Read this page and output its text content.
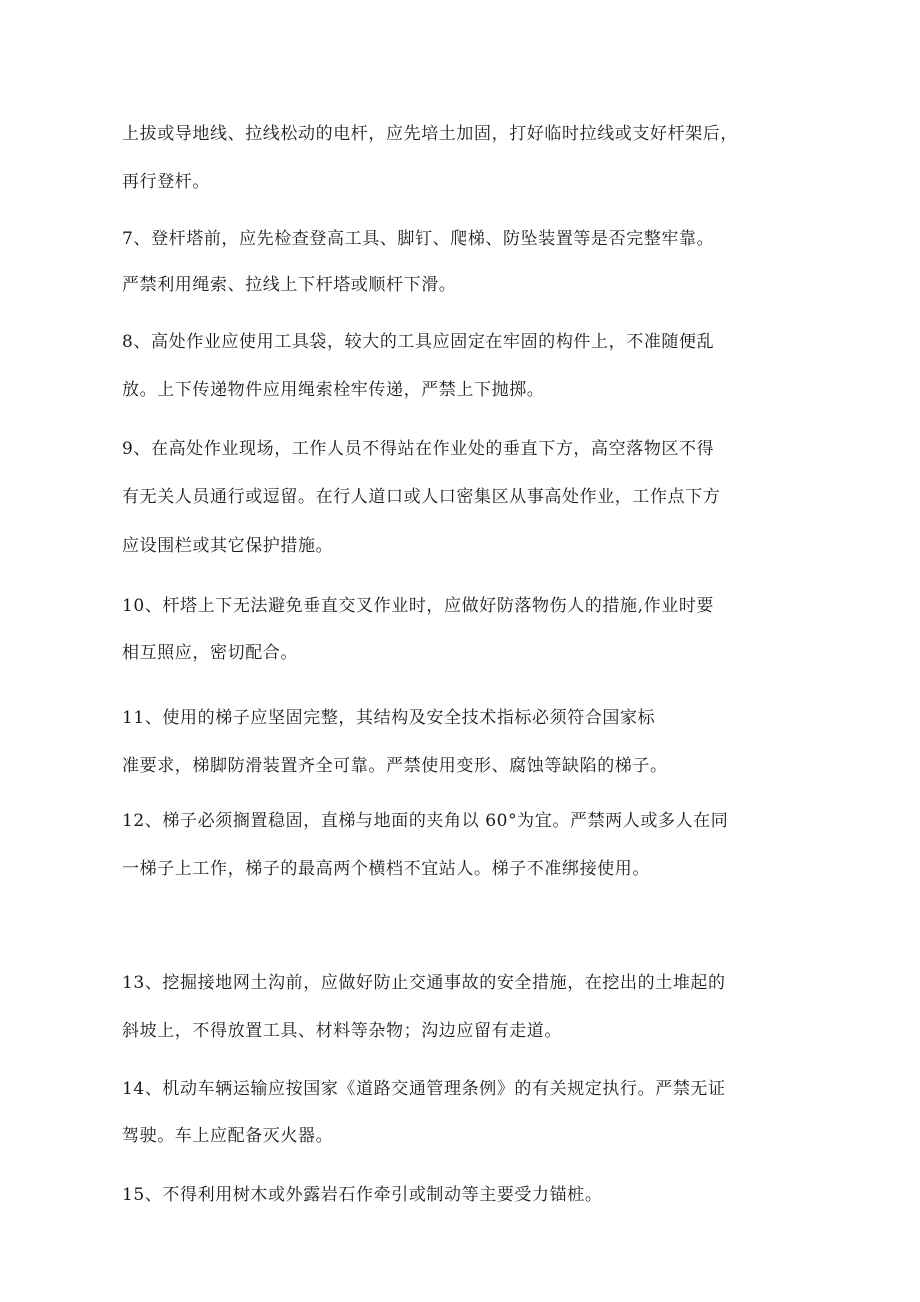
上拔或导地线、拉线松动的电杆，应先培土加固，打好临时拉线或支好杆架后，
再行登杆。
7、登杆塔前，应先检查登高工具、脚钉、爬梯、防坠装置等是否完整牢靠。
严禁利用绳索、拉线上下杆塔或顺杆下滑。
8、高处作业应使用工具袋，较大的工具应固定在牢固的构件上，不准随便乱
放。上下传递物件应用绳索栓牢传递，严禁上下抛掷。
9、在高处作业现场，工作人员不得站在作业处的垂直下方，高空落物区不得
有无关人员通行或逗留。在行人道口或人口密集区从事高处作业，工作点下方
应设围栏或其它保护措施。
10、杆塔上下无法避免垂直交叉作业时，应做好防落物伤人的措施,作业时要
相互照应，密切配合。
11、使用的梯子应坚固完整，其结构及安全技术指标必须符合国家标
准要求，梯脚防滑装置齐全可靠。严禁使用变形、腐蚀等缺陷的梯子。
12、梯子必须搁置稳固，直梯与地面的夹角以 60°为宜。严禁两人或多人在同
一梯子上工作，梯子的最高两个横档不宜站人。梯子不准绑接使用。
13、挖掘接地网土沟前，应做好防止交通事故的安全措施，在挖出的土堆起的
斜坡上，不得放置工具、材料等杂物；沟边应留有走道。
14、机动车辆运输应按国家《道路交通管理条例》的有关规定执行。严禁无证
驾驶。车上应配备灭火器。
15、不得利用树木或外露岩石作牵引或制动等主要受力锚桩。
